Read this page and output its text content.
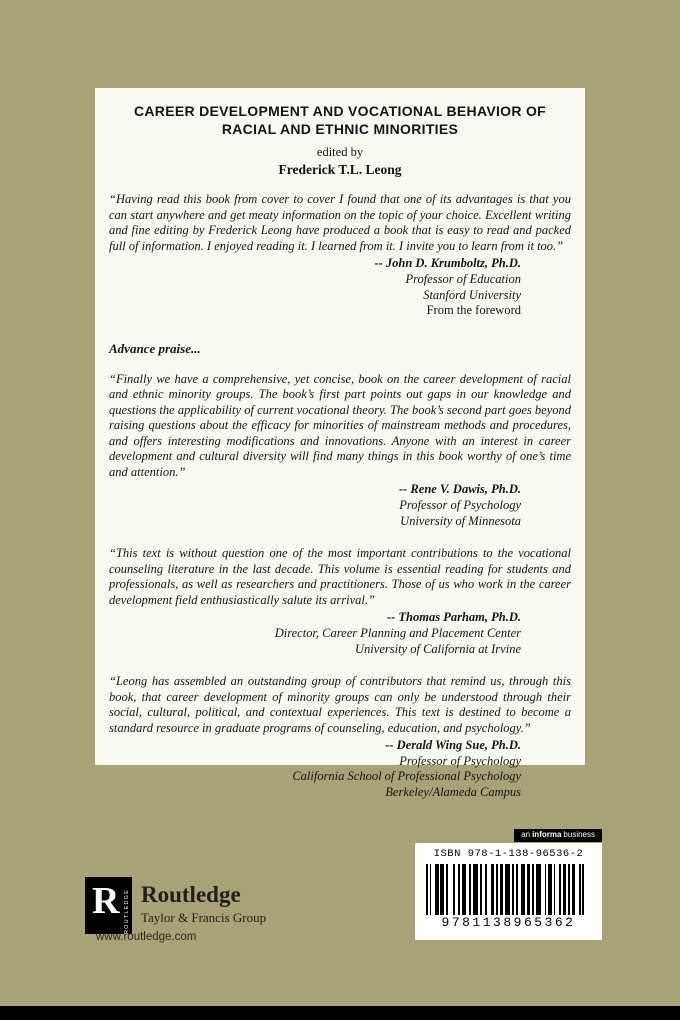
CAREER DEVELOPMENT AND VOCATIONAL BEHAVIOR OF
RACIAL AND ETHNIC MINORITIES
edited by
Frederick T.L. Leong

“Having read this book from cover to cover I found that one of its advantages is that you can start anywhere and get meaty information on the topic of your choice. Excellent writing and fine editing by Frederick Leong have produced a book that is easy to read and packed full of information. I enjoyed reading it. I learned from it. I invite you to learn from it too.”

-- John D. Krumboltz, Ph.D.
Professor of Education
Stanford University
From the foreword
Advance praise...

“Finally we have a comprehensive, yet concise, book on the career development of racial and ethnic minority groups. The book’s first part points out gaps in our knowledge and questions the applicability of current vocational theory. The book’s second part goes beyond raising questions about the efficacy for minorities of mainstream methods and procedures, and offers interesting modifications and innovations. Anyone with an interest in career development and cultural diversity will find many things in this book worthy of one’s time and attention.”

-- Rene V. Dawis, Ph.D.
Professor of Psychology
University of Minnesota

“This text is without question one of the most important contributions to the vocational counseling literature in the last decade. This volume is essential reading for students and professionals, as well as researchers and practitioners. Those of us who work in the career development field enthusiastically salute its arrival.”

-- Thomas Parham, Ph.D.
Director, Career Planning and Placement Center
University of California at Irvine

“Leong has assembled an outstanding group of contributors that remind us, through this book, that career development of minority groups can only be understood through their social, cultural, political, and contextual experiences. This text is destined to become a standard resource in graduate programs of counseling, education, and psychology.”

-- Derald Wing Sue, Ph.D.
Professor of Psychology
California School of Professional Psychology
Berkeley/Alameda Campus
R ROUTLEDGE Routledge
Taylor & Francis Group
www.routledge.com
an informa business
ISBN 978-1-138-96536-2
9781138965362
